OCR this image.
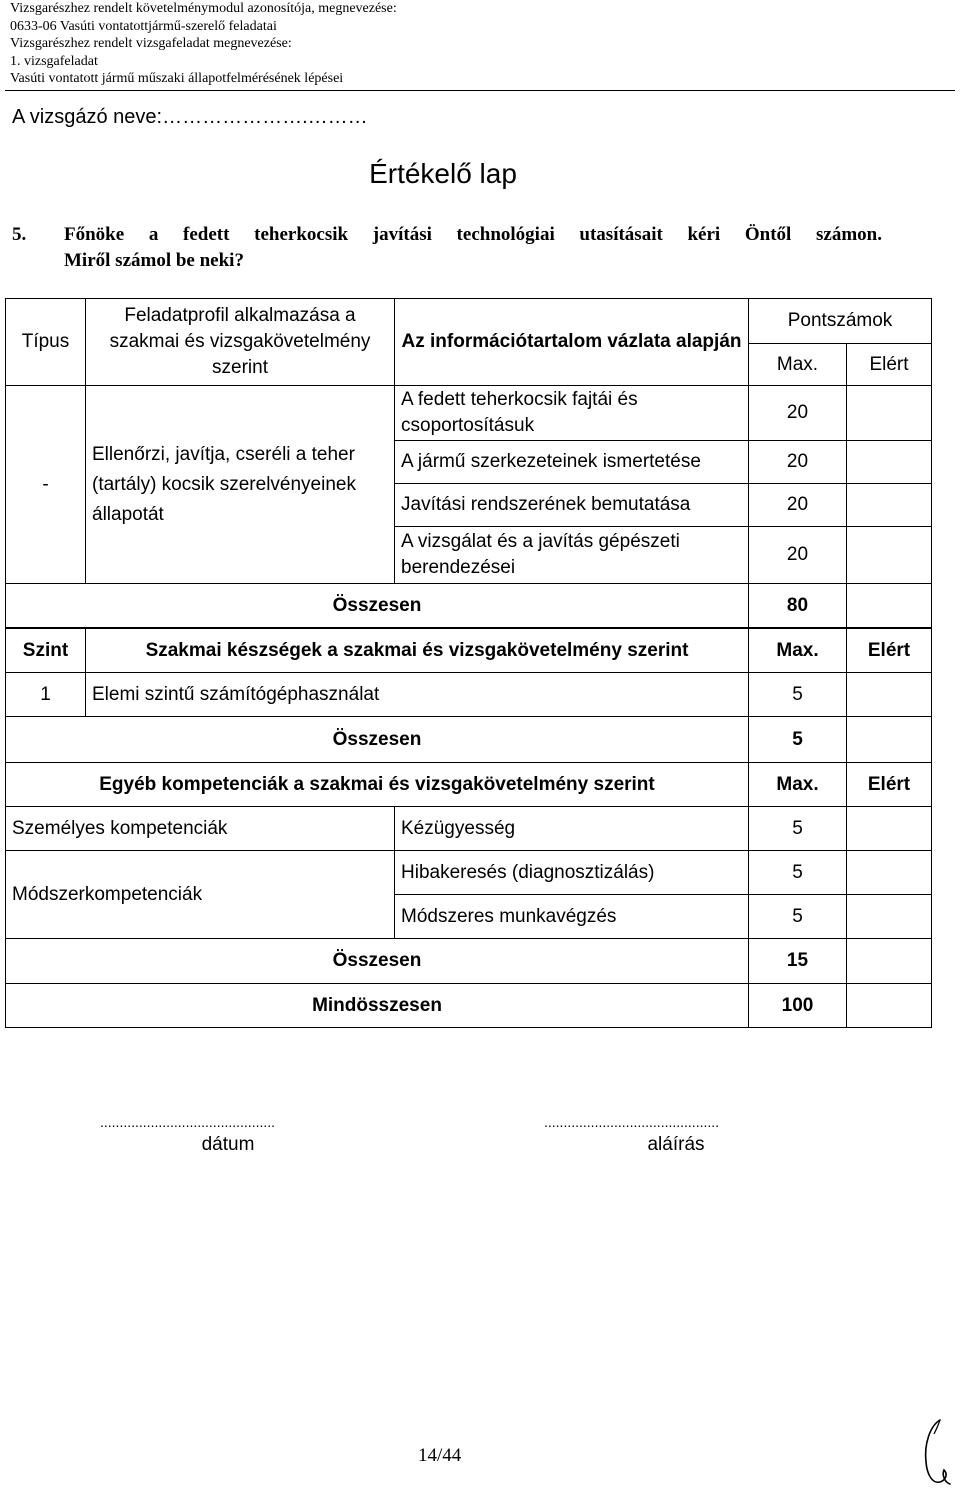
Vizsgarészhez rendelt követelménymodul azonosítója, megnevezése:
0633-06 Vasúti vontatottjármű-szerelő feladatai
Vizsgarészhez rendelt vizsgafeladat megnevezése:
1. vizsgafeladat
Vasúti vontatott jármű műszaki állapotfelmérésének lépései
A vizsgázó neve:………………….………
Értékelő lap
5. Főnöke a fedett teherkocsik javítási technológiai utasításait kéri Öntől számon.
Miről számol be neki?
Típus	Feladatprofil alkalmazása a szakmai és vizsgakövetelmény szerint	Az információtartalom vázlata alapján	Pontszámok	
			Max.	Elért
-	Ellenőrzi, javítja, cseréli a teher (tartály) kocsik szerelvényeinek állapotát	A fedett teherkocsik fajtái és csoportosításuk	20	
		A jármű szerkezeteinek ismertetése	20	
		Javítási rendszerének bemutatása	20	
		A vizsgálat és a javítás gépészeti berendezései	20	
Összesen			80	
Szint	Szakmai készségek a szakmai és vizsgakövetelmény szerint	Max.	Elért
1	Elemi szintű számítógéphasználat	5	
Összesen		5	
Egyéb kompetenciák a szakmai és vizsgakövetelmény szerint		Max.	Elért
Személyes kompetenciák	Kézügyesség	5	
Módszerkompetenciák	Hibakeresés (diagnosztizálás)	5	
	Módszeres munkavégzés	5	
Összesen		15	
Mindösszesen		100	
.............................................
dátum
.............................................
aláírás
14/44
